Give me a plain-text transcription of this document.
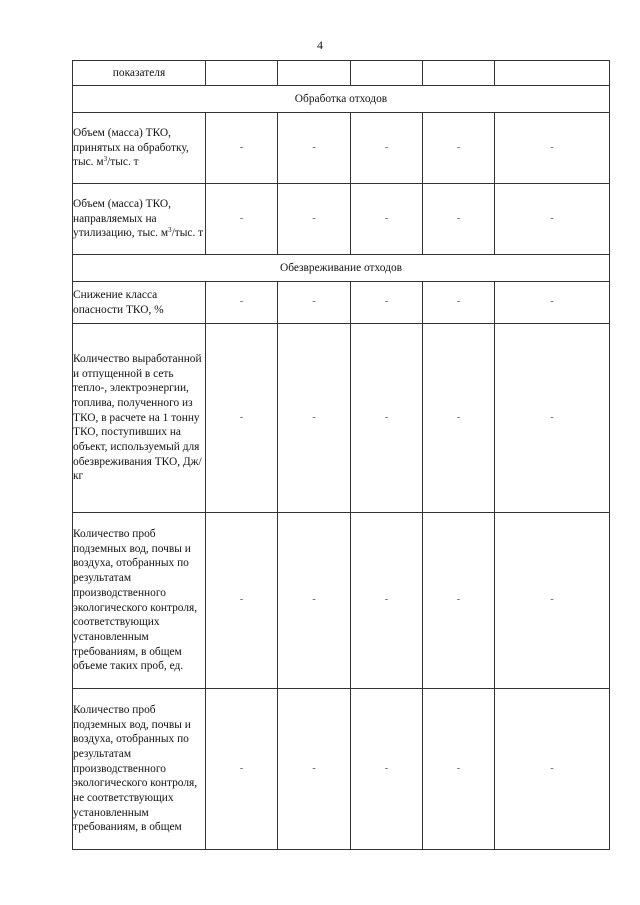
4
показателя					
Обработка отходов					
Объем (масса) ТКО, принятых на обработку, тыс. $м^3$/тыс. т	-	-	-	-	-
Объем (масса) ТКО, направляемых на утилизацию, тыс. $м^3$/тыс. т	-	-	-	-	-
Обезвреживание отходов					
Снижение класса опасности ТКО, %	-	-	-	-	-
Количество выработанной и отпущенной в сеть тепло-, электроэнергии, топлива, полученного из ТКО, в расчете на 1 тонну ТКО, поступивших на объект, используемый для обезвреживания ТКО, Дж/кг	-	-	-	-	-
Количество проб подземных вод, почвы и воздуха, отобранных по результатам производственного экологического контроля, соответствующих установленным требованиям, в общем объеме таких проб, ед.	-	-	-	-	-
Количество проб подземных вод, почвы и воздуха, отобранных по результатам производственного экологического контроля, не соответствующих установленным требованиям, в общем	-	-	-	-	-
